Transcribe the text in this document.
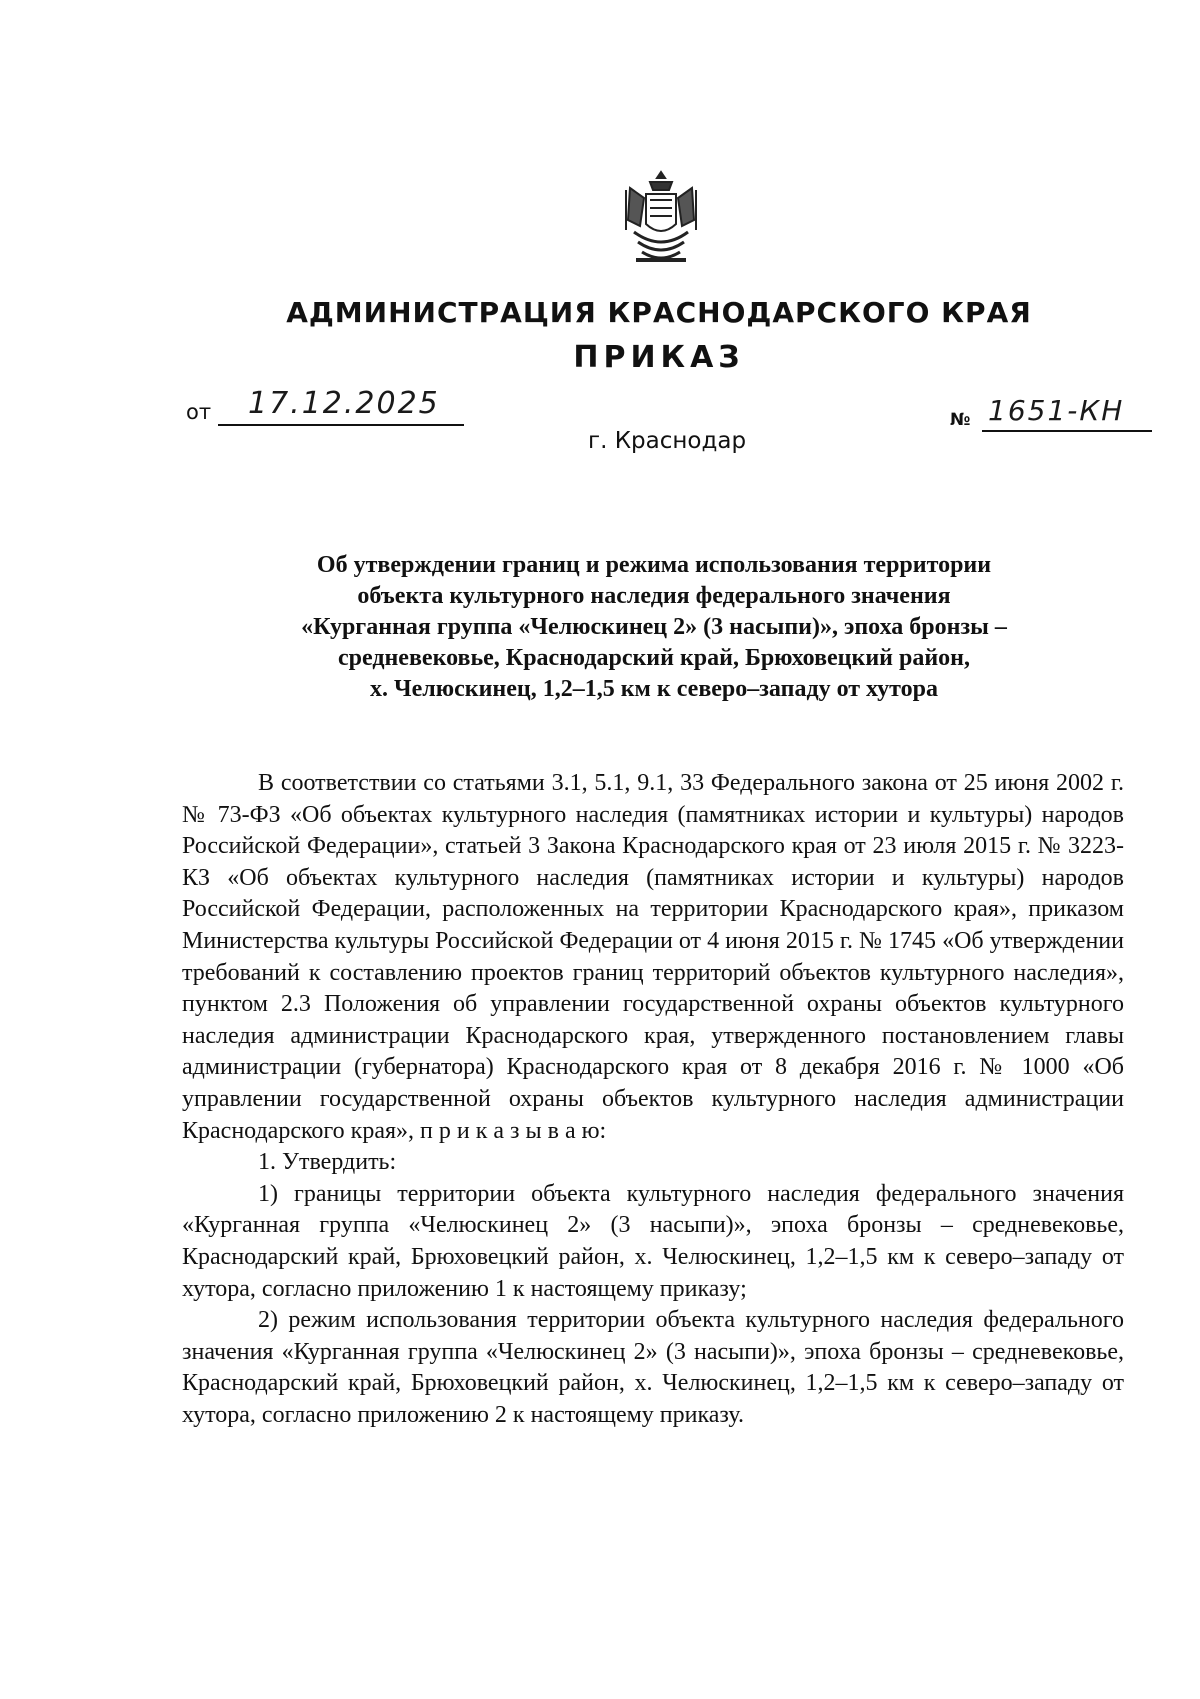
АДМИНИСТРАЦИЯ КРАСНОДАРСКОГО КРАЯ
ПРИКАЗ
от 17.12.2025	№ 1651-КН
г. Краснодар
Об утверждении границ и режима использования территории
объекта культурного наследия федерального значения
«Курганная группа «Челюскинец 2» (3 насыпи)», эпоха бронзы –
средневековье, Краснодарский край, Брюховецкий район,
х. Челюскинец, 1,2–1,5 км к северо–западу от хутора

В соответствии со статьями 3.1, 5.1, 9.1, 33 Федерального закона от 25 июня 2002 г. № 73-ФЗ «Об объектах культурного наследия (памятниках истории и культуры) народов Российской Федерации», статьей 3 Закона Краснодарского края от 23 июля 2015 г. № 3223-КЗ «Об объектах культурного наследия (памятниках истории и культуры) народов Российской Федерации, расположенных на территории Краснодарского края», приказом Министерства культуры Российской Федерации от 4 июня 2015 г. № 1745 «Об утверждении требований к составлению проектов границ территорий объектов культурного наследия», пунктом 2.3 Положения об управлении государственной охраны объектов культурного наследия администрации Краснодарского края, утвержденного постановлением главы администрации (губернатора) Краснодарского края от 8 декабря 2016 г. № 1000 «Об управлении государственной охраны объектов культурного наследия администрации Краснодарского края», п р и к а з ы в а ю:

1. Утвердить:

1) границы территории объекта культурного наследия федерального значения «Курганная группа «Челюскинец 2» (3 насыпи)», эпоха бронзы – средневековье, Краснодарский край, Брюховецкий район, х. Челюскинец, 1,2–1,5 км к северо–западу от хутора, согласно приложению 1 к настоящему приказу;

2) режим использования территории объекта культурного наследия федерального значения «Курганная группа «Челюскинец 2» (3 насыпи)», эпоха бронзы – средневековье, Краснодарский край, Брюховецкий район, х. Челюскинец, 1,2–1,5 км к северо–западу от хутора, согласно приложению 2 к настоящему приказу.
